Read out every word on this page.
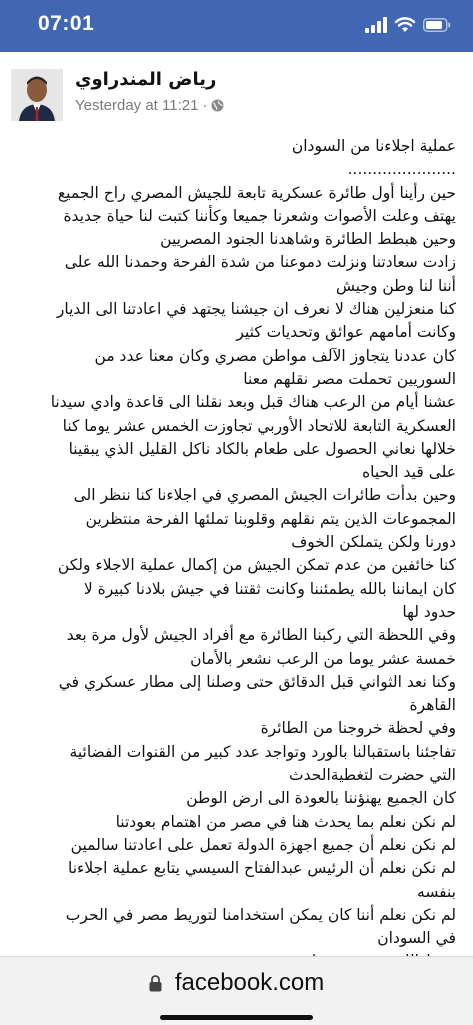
07:01
رياض المندراوي
Yesterday at 11:21 ·

عملية اجلاءنا من السودان

......................

حين رأينا أول طائرة عسكرية تابعة للجيش المصري راح الجميع

يهتف وعلت الأصوات وشعرنا جميعا وكأننا كتبت لنا حياة جديدة

وحين هبطط الطائرة وشاهدنا الجنود المصريين

زادت سعادتنا ونزلت دموعنا من شدة الفرحة وحمدنا الله على

أننا لنا وطن وجيش

كنا منعزلين هناك لا نعرف ان جيشنا يجتهد في اعادتنا الى الديار

وكانت أمامهم عوائق وتحديات كثير

كان عددنا يتجاوز الآلف مواطن مصري وكان معنا عدد من

السوريين تحملت مصر نقلهم معنا

عشنا أيام من الرعب هناك قبل وبعد نقلنا الى قاعدة وادي سيدنا

العسكرية التابعة للاتحاد الأوربي تجاوزت الخمس عشر يوما كنا

خلالها نعاني الحصول على طعام بالكاد ناكل القليل الذي يبقينا

على قيد الحياه

وحين بدأت طائرات الجيش المصري في اجلاءنا كنا ننظر الى

المجموعات الذين يتم نقلهم وقلوبنا تملئها الفرحة منتظرين

دورنا ولكن يتملكن الخوف

كنا خائفين من عدم تمكن الجيش من إكمال عملية الاجلاء ولكن

كان ايماننا بالله يطمئننا وكانت ثقتنا في جيش بلادنا كبيرة لا

حدود لها

وفي اللحظة التي ركبنا الطائرة مع أفراد الجيش لأول مرة بعد

خمسة عشر يوما من الرعب نشعر بالأمان

وكنا نعد الثواني قبل الدقائق حتى وصلنا إلى مطار عسكري في

القاهرة

وفي لحظة خروجنا من الطائرة

تفاجئنا باستقبالنا بالورد وتواجد عدد كبير من القنوات الفضائية

التي حضرت لتغطيةالحدث

كان الجميع يهنؤننا بالعودة الى ارض الوطن

لم نكن نعلم بما يحدث هنا في مصر من اهتمام بعودتنا

لم نكن نعلم أن جميع اجهزة الدولة تعمل على اعادتنا سالمين

لم نكن نعلم أن الرئيس عبدالفتاح السيسي يتابع عملية اجلاءنا

بنفسه

لم نكن نعلم أننا كان يمكن استخدامنا لتوريط مصر في الحرب

في السودان

facebook.com
